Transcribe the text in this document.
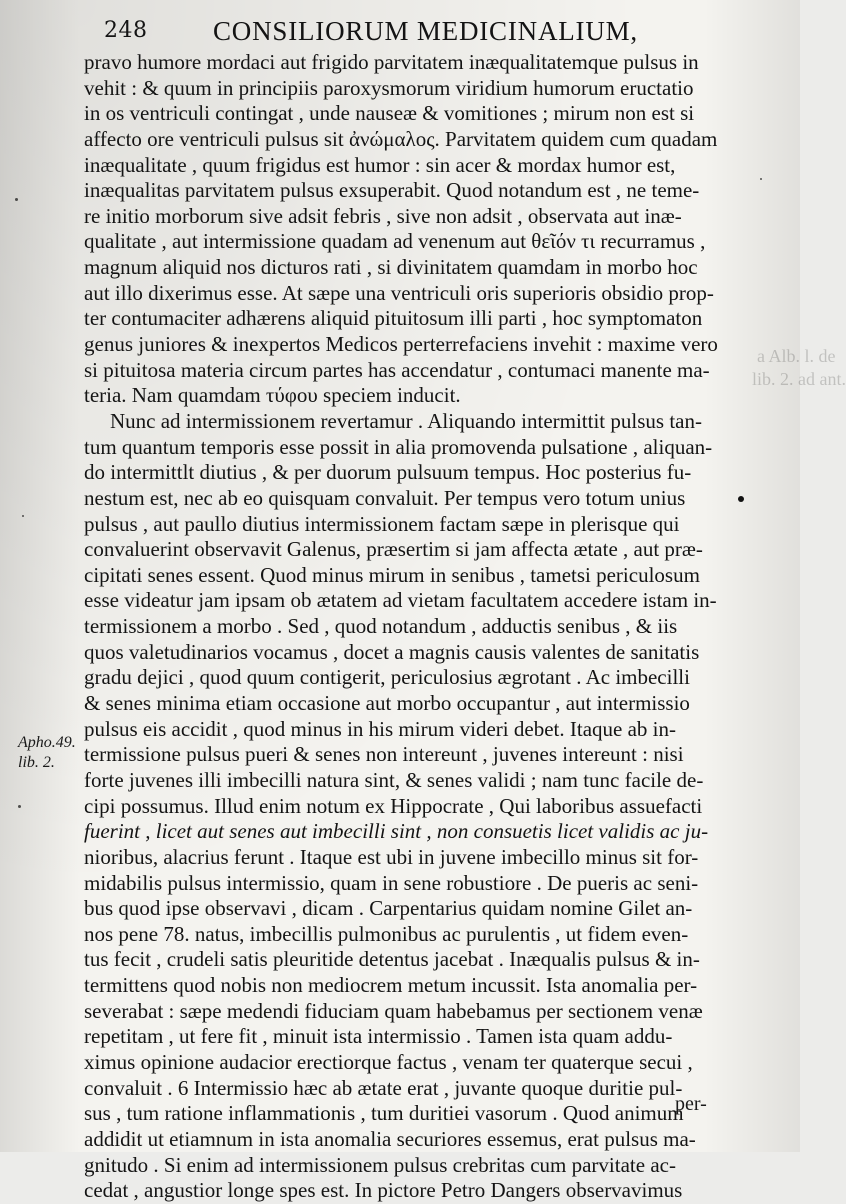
248 CONSILIORUM MEDICINALIUM,
pravo humore mordaci aut frigido parvitatem inæqualitatemque pulsus in
vehit : & quum in principiis paroxysmorum viridium humorum eructatio
in os ventriculi contingat , unde nauseæ & vomitiones ; mirum non est si
affecto ore ventriculi pulsus sit ἀνώμαλος. Parvitatem quidem cum quadam
inæqualitate , quum frigidus est humor : sin acer & mordax humor est,
inæqualitas parvitatem pulsus exsuperabit. Quod notandum est , ne teme-
re initio morborum sive adsit febris , sive non adsit , observata aut inæ-
qualitate , aut intermissione quadam ad venenum aut θεῖόν τι recurramus ,
magnum aliquid nos dicturos rati , si divinitatem quamdam in morbo hoc
aut illo dixerimus esse. At sæpe una ventriculi oris superioris obsidio prop-
ter contumaciter adhærens aliquid pituitosum illi parti , hoc symptomaton
genus juniores & inexpertos Medicos perterrefaciens invehit : maxime vero
si pituitosa materia circum partes has accendatur , contumaci manente ma-
teria. Nam quamdam τύφου speciem inducit.
Nunc ad intermissionem revertamur . Aliquando intermittit pulsus tan-
tum quantum temporis esse possit in alia promovenda pulsatione , aliquan-
do intermittlt diutius , & per duorum pulsuum tempus. Hoc posterius fu-
nestum est, nec ab eo quisquam convaluit. Per tempus vero totum unius
pulsus , aut paullo diutius intermissionem factam sæpe in plerisque qui
convaluerint observavit Galenus, præsertim si jam affecta ætate , aut præ-
cipitati senes essent. Quod minus mirum in senibus , tametsi periculosum
esse videatur jam ipsam ob ætatem ad vietam facultatem accedere istam in-
termissionem a morbo . Sed , quod notandum , adductis senibus , & iis
quos valetudinarios vocamus , docet a magnis causis valentes de sanitatis
gradu dejici , quod quum contigerit, periculosius ægrotant . Ac imbecilli
& senes minima etiam occasione aut morbo occupantur , aut intermissio
pulsus eis accidit , quod minus in his mirum videri debet. Itaque ab in-
termissione pulsus pueri & senes non intereunt , juvenes intereunt : nisi
forte juvenes illi imbecilli natura sint, & senes validi ; nam tunc facile de-
cipi possumus. Illud enim notum ex Hippocrate , Qui laboribus assuefacti
fuerint , licet aut senes aut imbecilli sint , non consuetis licet validis ac ju-
nioribus, alacrius ferunt . Itaque est ubi in juvene imbecillo minus sit for-
midabilis pulsus intermissio, quam in sene robustiore . De pueris ac seni-
bus quod ipse observavi , dicam . Carpentarius quidam nomine Gilet an-
nos pene 78. natus, imbecillis pulmonibus ac purulentis , ut fidem even-
tus fecit , crudeli satis pleuritide detentus jacebat . Inæqualis pulsus & in-
termittens quod nobis non mediocrem metum incussit. Ista anomalia per-
severabat : sæpe medendi fiduciam quam habebamus per sectionem venæ
repetitam , ut fere fit , minuit ista intermissio . Tamen ista quam addu-
ximus opinione audacior erectiorque factus , venam ter quaterque secui ,
convaluit . 6 Intermissio hæc ab ætate erat , juvante quoque duritie pul-
sus , tum ratione inflammationis , tum duritiei vasorum . Quod animum
addidit ut etiamnum in ista anomalia securiores essemus, erat pulsus ma-
gnitudo . Si enim ad intermissionem pulsus crebritas cum parvitate ac-
cedat , angustior longe spes est. In pictore Petro Dangers observavimus
Apho.49.
lib. 2.
per-
a Alb. l. de
lib. 2. ad ant.
